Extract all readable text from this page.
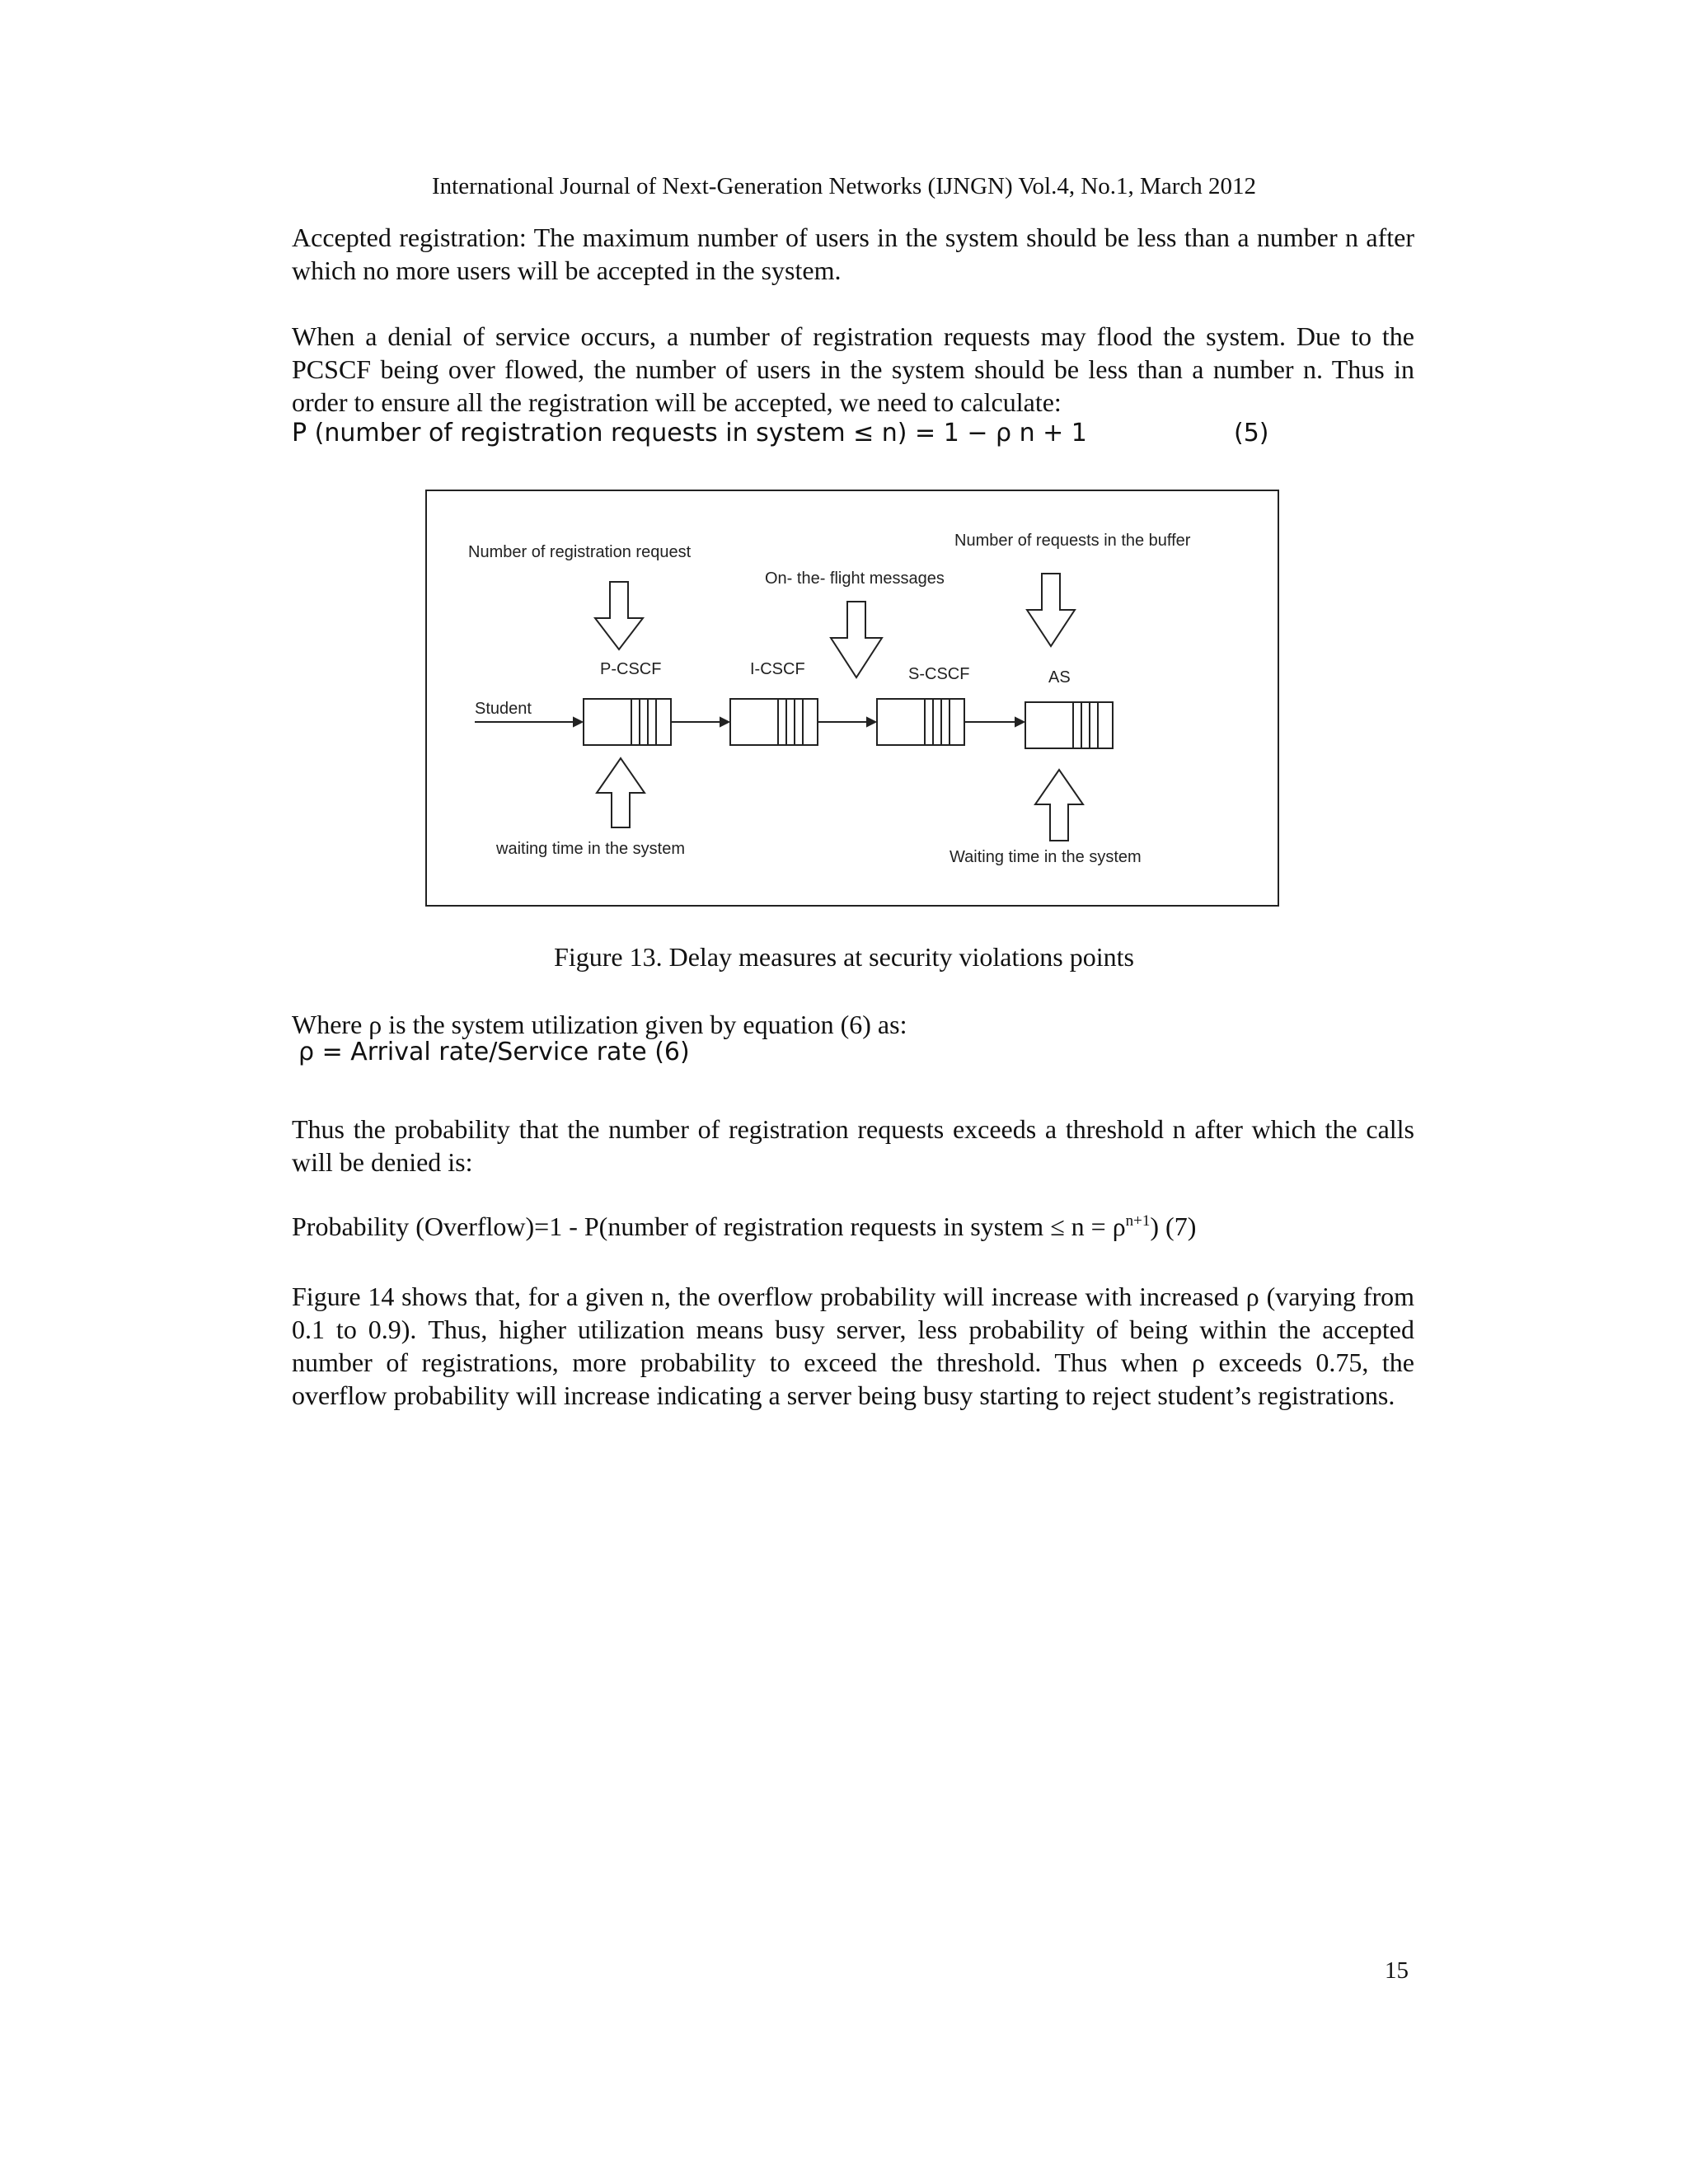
International Journal of Next-Generation Networks (IJNGN) Vol.4, No.1, March 2012
Accepted registration: The maximum number of users in the system should be less than a number n after which no more users will be accepted in the system.
When a denial of service occurs, a number of registration requests may flood the system. Due to the PCSCF being over flowed, the number of users in the system should be less than a number n. Thus in order to ensure all the registration will be accepted, we need to calculate:
P (number of registration requests in system ≤ n) = 1 − ρ n + 1	(5)
Number of registration request
On- the- flight messages
Number of requests in the buffer
P-CSCF	I-CSCF	S-CSCF	AS
Student
waiting time in the system	Waiting time in the system
Figure 13. Delay measures at security violations points
Where ρ is the system utilization given by equation (6) as:
ρ = Arrival rate/Service rate (6)
Thus the probability that the number of registration requests exceeds a threshold n after which the calls will be denied is:
Probability (Overflow)=1 - P(number of registration requests in system ≤ $n = \rho^{n+1}$) (7)
Figure 14 shows that, for a given n, the overflow probability will increase with increased ρ (varying from 0.1 to 0.9). Thus, higher utilization means busy server, less probability of being within the accepted number of registrations, more probability to exceed the threshold. Thus when ρ exceeds 0.75, the overflow probability will increase indicating a server being busy starting to reject student’s registrations.
15
